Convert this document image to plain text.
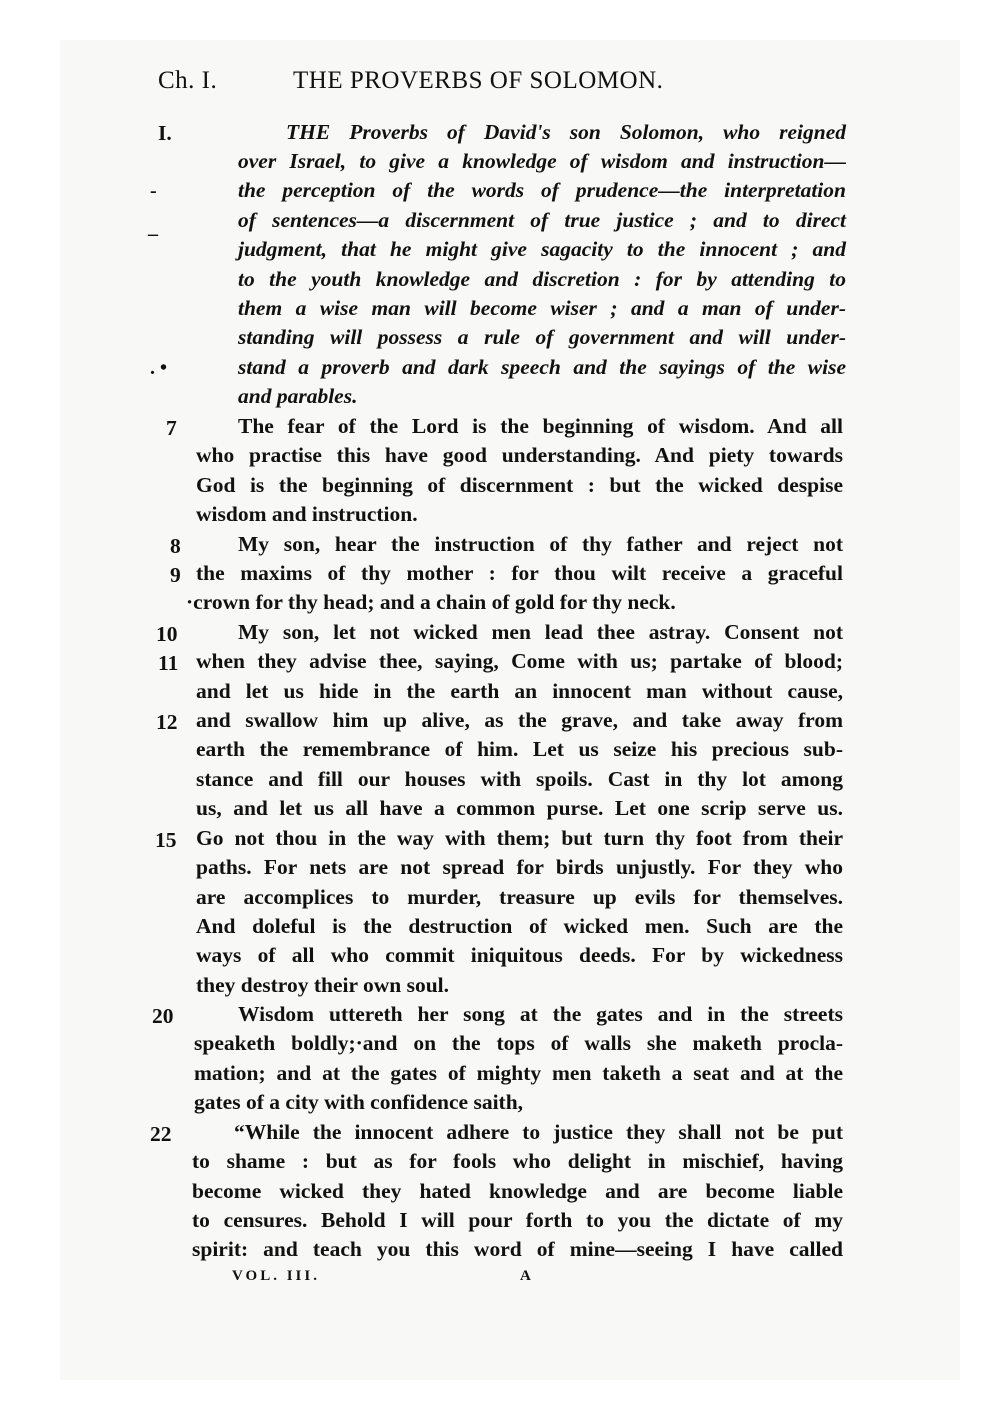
Ch. I.	THE PROVERBS OF SOLOMON.
I.
7
8
9
10
11
12
15
20
22
-
_
. •
THE Proverbs of David's son Solomon, who reigned
over Israel, to give a knowledge of wisdom and instruction—
the perception of the words of prudence—the interpretation
of sentences—a discernment of true justice ; and to direct
judgment, that he might give sagacity to the innocent ; and
to the youth knowledge and discretion : for by attending to
them a wise man will become wiser ; and a man of under-
standing will possess a rule of government and will under-
stand a proverb and dark speech and the sayings of the wise
and parables.
The fear of the Lord is the beginning of wisdom. And all
who practise this have good understanding. And piety towards
God is the beginning of discernment : but the wicked despise
wisdom and instruction.
My son, hear the instruction of thy father and reject not
the maxims of thy mother : for thou wilt receive a graceful
·crown for thy head; and a chain of gold for thy neck.
My son, let not wicked men lead thee astray. Consent not
when they advise thee, saying, Come with us; partake of blood;
and let us hide in the earth an innocent man without cause,
and swallow him up alive, as the grave, and take away from
earth the remembrance of him. Let us seize his precious sub-
stance and fill our houses with spoils. Cast in thy lot among
us, and let us all have a common purse. Let one scrip serve us.
Go not thou in the way with them; but turn thy foot from their
paths. For nets are not spread for birds unjustly. For they who
are accomplices to murder, treasure up evils for themselves.
And doleful is the destruction of wicked men. Such are the
ways of all who commit iniquitous deeds. For by wickedness
they destroy their own soul.
Wisdom uttereth her song at the gates and in the streets
speaketh boldly;·and on the tops of walls she maketh procla-
mation; and at the gates of mighty men taketh a seat and at the
gates of a city with confidence saith,
“While the innocent adhere to justice they shall not be put
to shame : but as for fools who delight in mischief, having
become wicked they hated knowledge and are become liable
to censures. Behold I will pour forth to you the dictate of my
spirit: and teach you this word of mine—seeing I have called
VOL. III.	A
